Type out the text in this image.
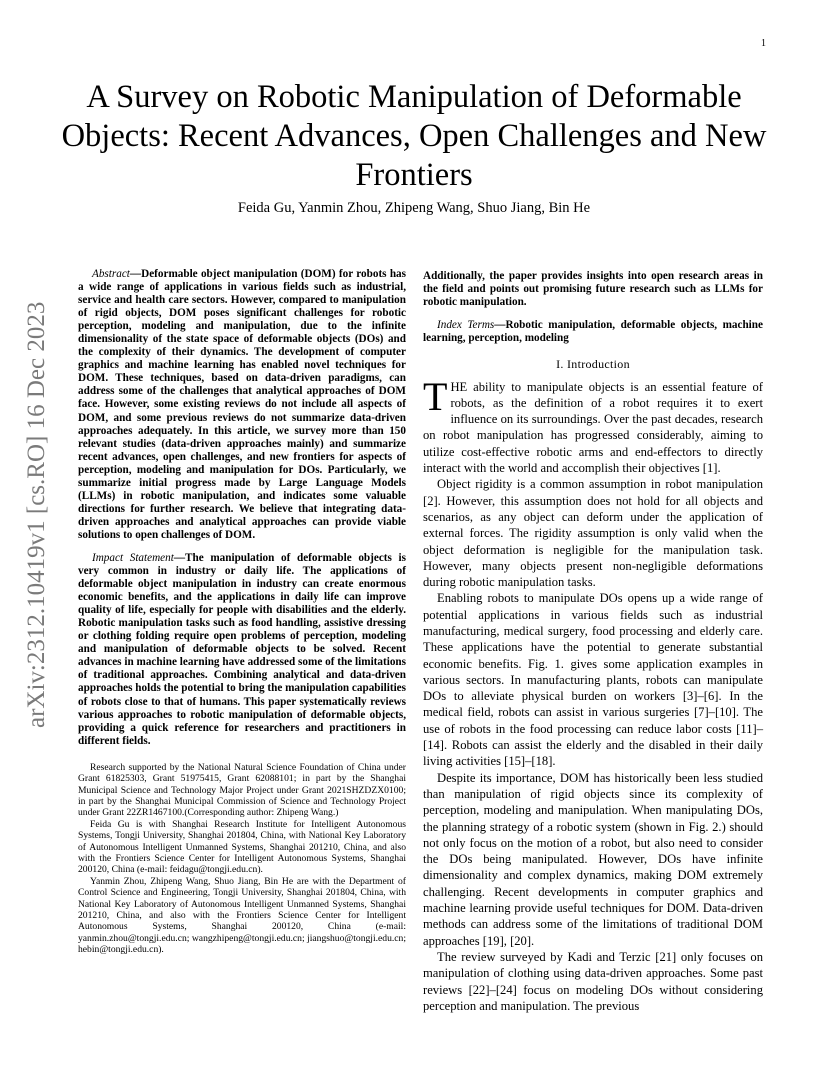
1
A Survey on Robotic Manipulation of Deformable Objects: Recent Advances, Open Challenges and New Frontiers
Feida Gu, Yanmin Zhou, Zhipeng Wang, Shuo Jiang, Bin He
arXiv:2312.10419v1 [cs.RO] 16 Dec 2023

Abstract—Deformable object manipulation (DOM) for robots has a wide range of applications in various fields such as industrial, service and health care sectors. However, compared to manipulation of rigid objects, DOM poses significant challenges for robotic perception, modeling and manipulation, due to the infinite dimensionality of the state space of deformable objects (DOs) and the complexity of their dynamics. The development of computer graphics and machine learning has enabled novel techniques for DOM. These techniques, based on data-driven paradigms, can address some of the challenges that analytical approaches of DOM face. However, some existing reviews do not include all aspects of DOM, and some previous reviews do not summarize data-driven approaches adequately. In this article, we survey more than 150 relevant studies (data-driven approaches mainly) and summarize recent advances, open challenges, and new frontiers for aspects of perception, modeling and manipulation for DOs. Particularly, we summarize initial progress made by Large Language Models (LLMs) in robotic manipulation, and indicates some valuable directions for further research. We believe that integrating data-driven approaches and analytical approaches can provide viable solutions to open challenges of DOM.

Impact Statement—The manipulation of deformable objects is very common in industry or daily life. The applications of deformable object manipulation in industry can create enormous economic benefits, and the applications in daily life can improve quality of life, especially for people with disabilities and the elderly. Robotic manipulation tasks such as food handling, assistive dressing or clothing folding require open problems of perception, modeling and manipulation of deformable objects to be solved. Recent advances in machine learning have addressed some of the limitations of traditional approaches. Combining analytical and data-driven approaches holds the potential to bring the manipulation capabilities of robots close to that of humans. This paper systematically reviews various approaches to robotic manipulation of deformable objects, providing a quick reference for researchers and practitioners in different fields.

Research supported by the National Natural Science Foundation of China under Grant 61825303, Grant 51975415, Grant 62088101; in part by the Shanghai Municipal Science and Technology Major Project under Grant 2021SHZDZX0100; in part by the Shanghai Municipal Commission of Science and Technology Project under Grant 22ZR1467100.(Corresponding author: Zhipeng Wang.)

Feida Gu is with Shanghai Research Institute for Intelligent Autonomous Systems, Tongji University, Shanghai 201804, China, with National Key Laboratory of Autonomous Intelligent Unmanned Systems, Shanghai 201210, China, and also with the Frontiers Science Center for Intelligent Autonomous Systems, Shanghai 200120, China (e-mail: feidagu@tongji.edu.cn).

Yanmin Zhou, Zhipeng Wang, Shuo Jiang, Bin He are with the Department of Control Science and Engineering, Tongji University, Shanghai 201804, China, with National Key Laboratory of Autonomous Intelligent Unmanned Systems, Shanghai 201210, China, and also with the Frontiers Science Center for Intelligent Autonomous Systems, Shanghai 200120, China (e-mail: yanmin.zhou@tongji.edu.cn; wangzhipeng@tongji.edu.cn; jiangshuo@tongji.edu.cn; hebin@tongji.edu.cn).

Additionally, the paper provides insights into open research areas in the field and points out promising future research such as LLMs for robotic manipulation.

Index Terms—Robotic manipulation, deformable objects, machine learning, perception, modeling

I. Introduction

THE ability to manipulate objects is an essential feature of robots, as the definition of a robot requires it to exert influence on its surroundings. Over the past decades, research on robot manipulation has progressed considerably, aiming to utilize cost-effective robotic arms and end-effectors to directly interact with the world and accomplish their objectives [1].

Object rigidity is a common assumption in robot manipulation [2]. However, this assumption does not hold for all objects and scenarios, as any object can deform under the application of external forces. The rigidity assumption is only valid when the object deformation is negligible for the manipulation task. However, many objects present non-negligible deformations during robotic manipulation tasks.

Enabling robots to manipulate DOs opens up a wide range of potential applications in various fields such as industrial manufacturing, medical surgery, food processing and elderly care. These applications have the potential to generate substantial economic benefits. Fig. 1. gives some application examples in various sectors. In manufacturing plants, robots can manipulate DOs to alleviate physical burden on workers [3]–[6]. In the medical field, robots can assist in various surgeries [7]–[10]. The use of robots in the food processing can reduce labor costs [11]–[14]. Robots can assist the elderly and the disabled in their daily living activities [15]–[18].

Despite its importance, DOM has historically been less studied than manipulation of rigid objects since its complexity of perception, modeling and manipulation. When manipulating DOs, the planning strategy of a robotic system (shown in Fig. 2.) should not only focus on the motion of a robot, but also need to consider the DOs being manipulated. However, DOs have infinite dimensionality and complex dynamics, making DOM extremely challenging. Recent developments in computer graphics and machine learning provide useful techniques for DOM. Data-driven methods can address some of the limitations of traditional DOM approaches [19], [20].

The review surveyed by Kadi and Terzic [21] only focuses on manipulation of clothing using data-driven approaches. Some past reviews [22]–[24] focus on modeling DOs without considering perception and manipulation. The previous
